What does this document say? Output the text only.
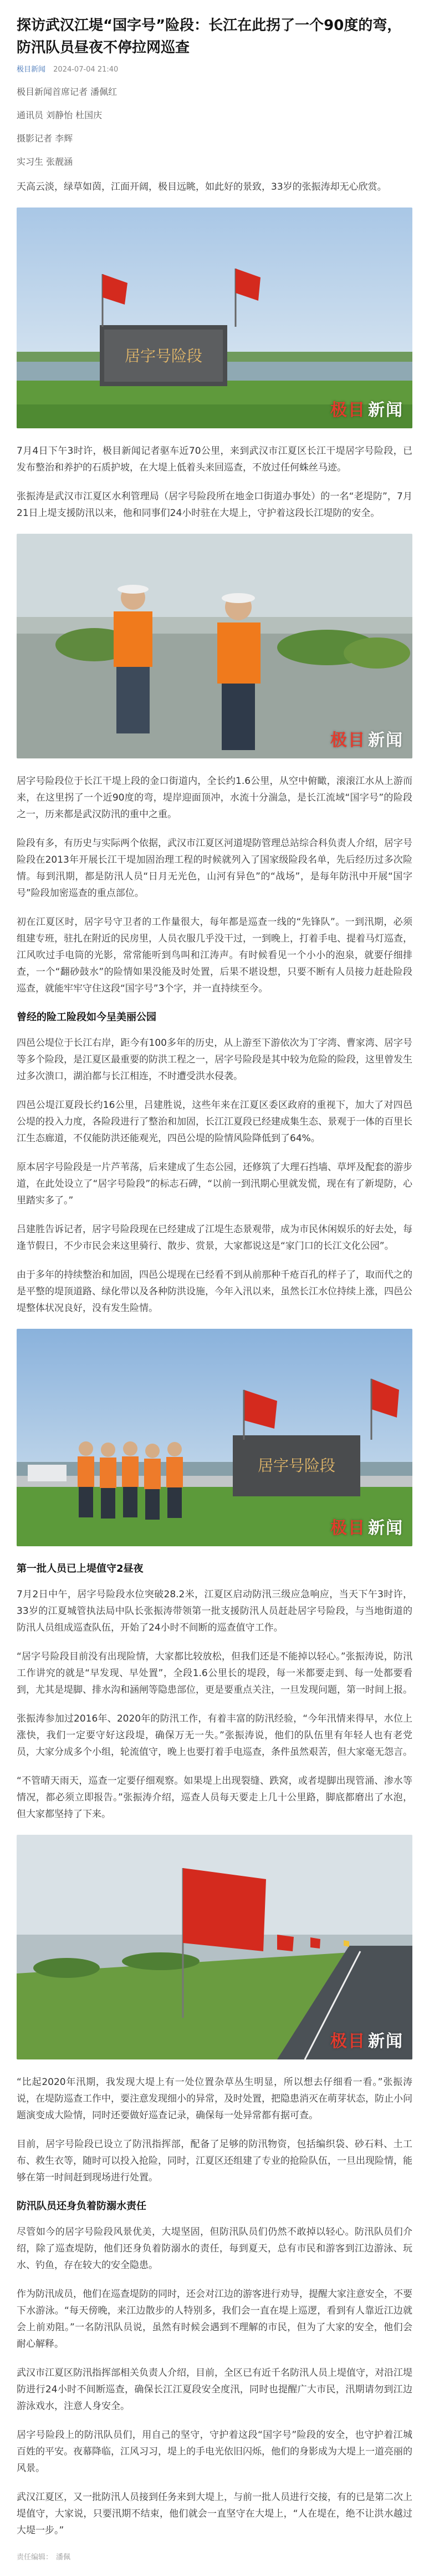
探访武汉江堤“国字号”险段：长江在此拐了一个90度的弯，防汛队员昼夜不停拉网巡查
极目新闻 2024-07-04 21:40
极目新闻首席记者 潘佩红
通讯员 刘静怡 杜国庆
摄影记者 李辉
实习生 张靓涵

天高云淡，绿草如茵，江面开阔，极目远眺，如此好的景致，33岁的张振涛却无心欣赏。

居字号险段
极目 新闻

7月4日下午3时许，极目新闻记者驱车近70公里，来到武汉市江夏区长江干堤居字号险段，已发布整治和养护的石质护坡，在大堤上低着头来回巡查，不放过任何蛛丝马迹。

张振涛是武汉市江夏区水利管理局（居字号险段所在地金口街道办事处）的一名“老堤防”，7月21日上堤支援防汛以来，他和同事们24小时驻在大堤上，守护着这段长江堤防的安全。

极目 新闻

居字号险段位于长江干堤上段的金口街道内，全长约1.6公里，从空中俯瞰，滚滚江水从上游而来，在这里拐了一个近90度的弯，堤岸迎面顶冲，水流十分湍急，是长江流域“国字号”的险段之一，历来都是武汉防汛的重中之重。

险段有多，有历史与实际两个依据，武汉市江夏区河道堤防管理总站综合科负责人介绍，居字号险段在2013年开展长江干堤加固治理工程的时候就列入了国家级险段名单，先后经历过多次险情。每到汛期，都是防汛人员“日月无光色，山河有异色”的“战场”，是每年防汛中开展“国字号”险段加密巡查的重点部位。

初在江夏区时，居字号守卫者的工作量很大，每年都是巡查一线的“先锋队”。一到汛期，必须组建专班，驻扎在附近的民房里，人员衣服几乎没干过，一到晚上，打着手电、提着马灯巡查，江风吹过手电筒的光影，常常能听到鸟叫和江涛声。有时候看见一个小小的泡泉，就要仔细排查，一个“翻砂鼓水”的险情如果没能及时处置，后果不堪设想，只要不断有人员接力赶赴险段巡查，就能牢牢守住这段“国字号”3个字，并一直持续至今。

曾经的险工险段如今呈美丽公园

四邑公堤位于长江右岸，距今有100多年的历史，从上游至下游依次为丁字湾、曹家湾、居字号等多个险段，是江夏区最重要的防洪工程之一，居字号险段是其中较为危险的险段，这里曾发生过多次溃口，湖泊都与长江相连，不时遭受洪水侵袭。

四邑公堤江夏段长约16公里，吕建胜说，这些年来在江夏区委区政府的重视下，加大了对四邑公堤的投入力度，各险段进行了整治和加固，长江江夏段已经建成集生态、景观于一体的百里长江生态廊道，不仅能防洪还能观光，四邑公堤的险情风险降低到了64%。

原本居字号险段是一片芦苇荡，后来建成了生态公园，还修筑了大理石挡墙、草坪及配套的游步道，在此处设立了“居字号险段”的标志石碑，“以前一到汛期心里就发慌，现在有了新堤防，心里踏实多了。”

吕建胜告诉记者，居字号险段现在已经建成了江堤生态景观带，成为市民休闲娱乐的好去处，每逢节假日，不少市民会来这里骑行、散步、赏景，大家都说这是“家门口的长江文化公园”。

由于多年的持续整治和加固，四邑公堤现在已经看不到从前那种千疮百孔的样子了，取而代之的是平整的堤顶道路、绿化带以及各种防洪设施，今年入汛以来，虽然长江水位持续上涨，四邑公堤整体状况良好，没有发生险情。

居字号险段
极目 新闻
第一批人员已上堤值守2昼夜

7月2日中午，居字号险段水位突破28.2米，江夏区启动防汛三级应急响应，当天下午3时许，33岁的江夏城管执法局中队长张振涛带领第一批支援防汛人员赶赴居字号险段，与当地街道的防汛人员组成巡查队伍，开始了24小时不间断的巡查值守工作。

“居字号险段目前没有出现险情，大家都比较放松，但我们还是不能掉以轻心。”张振涛说，防汛工作讲究的就是“早发现、早处置”，全段1.6公里长的堤段，每一米都要走到、每一处都要看到，尤其是堤脚、排水沟和涵闸等隐患部位，更是要重点关注，一旦发现问题，第一时间上报。

张振涛参加过2016年、2020年的防汛工作，有着丰富的防汛经验，“今年汛情来得早，水位上涨快，我们一定要守好这段堤，确保万无一失。”张振涛说，他们的队伍里有年轻人也有老党员，大家分成多个小组，轮流值守，晚上也要打着手电巡查，条件虽然艰苦，但大家毫无怨言。

“不管晴天雨天，巡查一定要仔细观察。如果堤上出现裂缝、跌窝，或者堤脚出现管涌、渗水等情况，都必须立即报告。”张振涛介绍，巡查人员每天要走上几十公里路，脚底都磨出了水泡，但大家都坚持了下来。

极目 新闻

“比起2020年汛期，我发现大堤上有一处位置杂草丛生明显，所以想去仔细看一看。”张振涛说，在堤防巡查工作中，要注意发现细小的异常，及时处置，把隐患消灭在萌芽状态，防止小问题演变成大险情，同时还要做好巡查记录，确保每一处异常都有据可查。

目前，居字号险段已设立了防汛指挥部，配备了足够的防汛物资，包括编织袋、砂石料、土工布、救生衣等，随时可以投入抢险，同时，江夏区还组建了专业的抢险队伍，一旦出现险情，能够在第一时间赶到现场进行处置。

防汛队员还身负着防溺水责任

尽管如今的居字号险段风景优美，大堤坚固，但防汛队员们仍然不敢掉以轻心。防汛队员们介绍，除了巡查堤防，他们还身负着防溺水的责任，每到夏天，总有市民和游客到江边游泳、玩水、钓鱼，存在较大的安全隐患。

作为防汛成员，他们在巡查堤防的同时，还会对江边的游客进行劝导，提醒大家注意安全，不要下水游泳。“每天傍晚，来江边散步的人特别多，我们会一直在堤上巡逻，看到有人靠近江边就会上前劝阻。”一名防汛队员说，虽然有时候会遇到不理解的市民，但为了大家的安全，他们会耐心解释。

武汉市江夏区防汛指挥部相关负责人介绍，目前，全区已有近千名防汛人员上堤值守，对沿江堤防进行24小时不间断巡查，确保长江江夏段安全度汛，同时也提醒广大市民，汛期请勿到江边游泳戏水，注意人身安全。

居字号险段上的防汛队员们，用自己的坚守，守护着这段“国字号”险段的安全，也守护着江城百姓的平安。夜幕降临，江风习习，堤上的手电光依旧闪烁，他们的身影成为大堤上一道亮丽的风景。

武汉江夏区，又一批防汛人员接到任务来到大堤上，与前一批人员进行交接，有的已是第二次上堤值守，大家说，只要汛期不结束，他们就会一直坚守在大堤上，“人在堤在，绝不让洪水越过大堤一步。”

责任编辑： 潘佩
